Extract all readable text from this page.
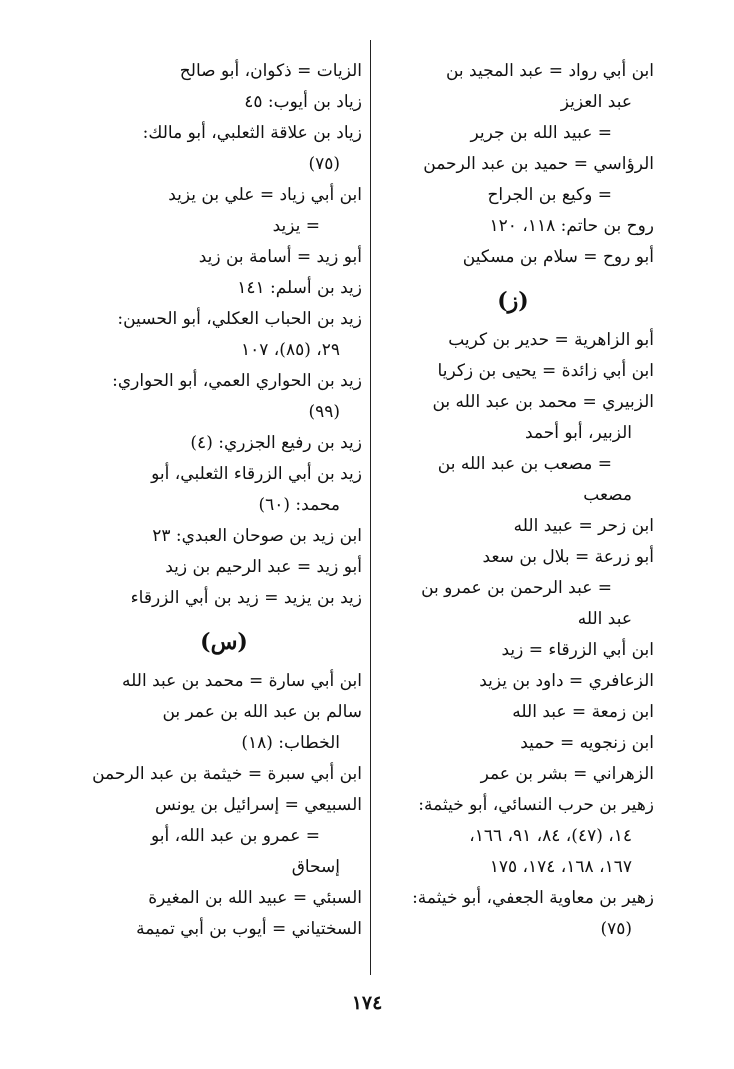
ابن أبي رواد = عبد المجيد بن
عبد العزيز
= عبيد الله بن جرير
الرؤاسي = حميد بن عبد الرحمن
= وكيع بن الجراح
روح بن حاتم: ١١٨، ١٢٠
أبو روح = سلام بن مسكين
(ز)
أبو الزاهرية = حدير بن كريب
ابن أبي زائدة = يحيى بن زكريا
الزبيري = محمد بن عبد الله بن
الزبير، أبو أحمد
= مصعب بن عبد الله بن
مصعب
ابن زحر = عبيد الله
أبو زرعة = بلال بن سعد
= عبد الرحمن بن عمرو بن
عبد الله
ابن أبي الزرقاء = زيد
الزعافري = داود بن يزيد
ابن زمعة = عبد الله
ابن زنجويه = حميد
الزهراني = بشر بن عمر
زهير بن حرب النسائي، أبو خيثمة:
١٤، (٤٧)، ٨٤، ٩١، ١٦٦،
١٦٧، ١٦٨، ١٧٤، ١٧٥
زهير بن معاوية الجعفي، أبو خيثمة:
(٧٥)
الزيات = ذكوان، أبو صالح
زياد بن أيوب: ٤٥
زياد بن علاقة الثعلبي، أبو مالك:
(٧٥)
ابن أبي زياد = علي بن يزيد
= يزيد
أبو زيد = أسامة بن زيد
زيد بن أسلم: ١٤١
زيد بن الحباب العكلي، أبو الحسين:
٢٩، (٨٥)، ١٠٧
زيد بن الحواري العمي، أبو الحواري:
(٩٩)
زيد بن رفيع الجزري: (٤)
زيد بن أبي الزرقاء الثعلبي، أبو
محمد: (٦٠)
ابن زيد بن صوحان العبدي: ٢٣
أبو زيد = عبد الرحيم بن زيد
زيد بن يزيد = زيد بن أبي الزرقاء
(س)
ابن أبي سارة = محمد بن عبد الله
سالم بن عبد الله بن عمر بن
الخطاب: (١٨)
ابن أبي سبرة = خيثمة بن عبد الرحمن
السبيعي = إسرائيل بن يونس
= عمرو بن عبد الله، أبو
إسحاق
السبئي = عبيد الله بن المغيرة
السختياني = أيوب بن أبي تميمة
١٧٤
